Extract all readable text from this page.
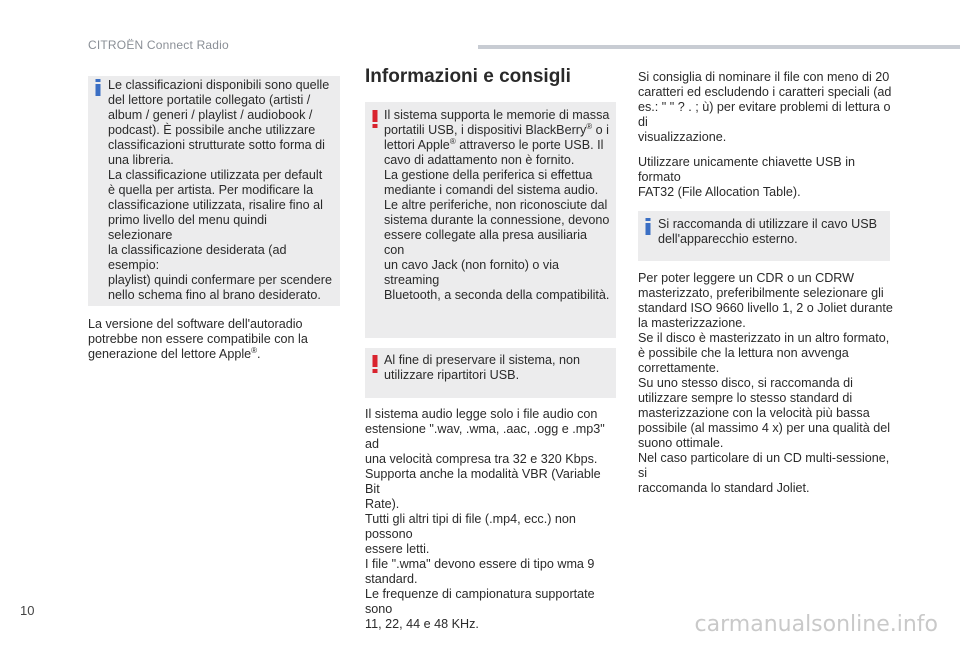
CITROËN Connect Radio

Le classificazioni disponibili sono quelle
del lettore portatile collegato (artisti /
album / generi / playlist / audiobook /
podcast). È possibile anche utilizzare
classificazioni strutturate sotto forma di
una libreria.
La classificazione utilizzata per default
è quella per artista. Per modificare la
classificazione utilizzata, risalire fino al
primo livello del menu quindi selezionare
la classificazione desiderata (ad esempio:
playlist) quindi confermare per scendere
nello schema fino al brano desiderato.

La versione del software dell'autoradio
potrebbe non essere compatibile con la
generazione del lettore Apple®.

Informazioni e consigli

Il sistema supporta le memorie di massa
portatili USB, i dispositivi BlackBerry® o i
lettori Apple® attraverso le porte USB. Il
cavo di adattamento non è fornito.
La gestione della periferica si effettua
mediante i comandi del sistema audio.
Le altre periferiche, non riconosciute dal
sistema durante la connessione, devono
essere collegate alla presa ausiliaria con
un cavo Jack (non fornito) o via streaming
Bluetooth, a seconda della compatibilità.

Al fine di preservare il sistema, non
utilizzare ripartitori USB.

Il sistema audio legge solo i file audio con
estensione ".wav, .wma, .aac, .ogg e .mp3" ad
una velocità compresa tra 32 e 320 Kbps.
Supporta anche la modalità VBR (Variable Bit
Rate).
Tutti gli altri tipi di file (.mp4, ecc.) non possono
essere letti.
I file ".wma" devono essere di tipo wma 9
standard.
Le frequenze di campionatura supportate sono
11, 22, 44 e 48 KHz.

Si consiglia di nominare il file con meno di 20
caratteri ed escludendo i caratteri speciali (ad
es.: " " ? . ; ù) per evitare problemi di lettura o di
visualizzazione.

Utilizzare unicamente chiavette USB in formato
FAT32 (File Allocation Table).

Si raccomanda di utilizzare il cavo USB
dell'apparecchio esterno.

Per poter leggere un CDR o un CDRW
masterizzato, preferibilmente selezionare gli
standard ISO 9660 livello 1, 2 o Joliet durante
la masterizzazione.
Se il disco è masterizzato in un altro formato,
è possibile che la lettura non avvenga
correttamente.
Su uno stesso disco, si raccomanda di
utilizzare sempre lo stesso standard di
masterizzazione con la velocità più bassa
possibile (al massimo 4 x) per una qualità del
suono ottimale.
Nel caso particolare di un CD multi-sessione, si
raccomanda lo standard Joliet.

10
carmanualsonline.info
